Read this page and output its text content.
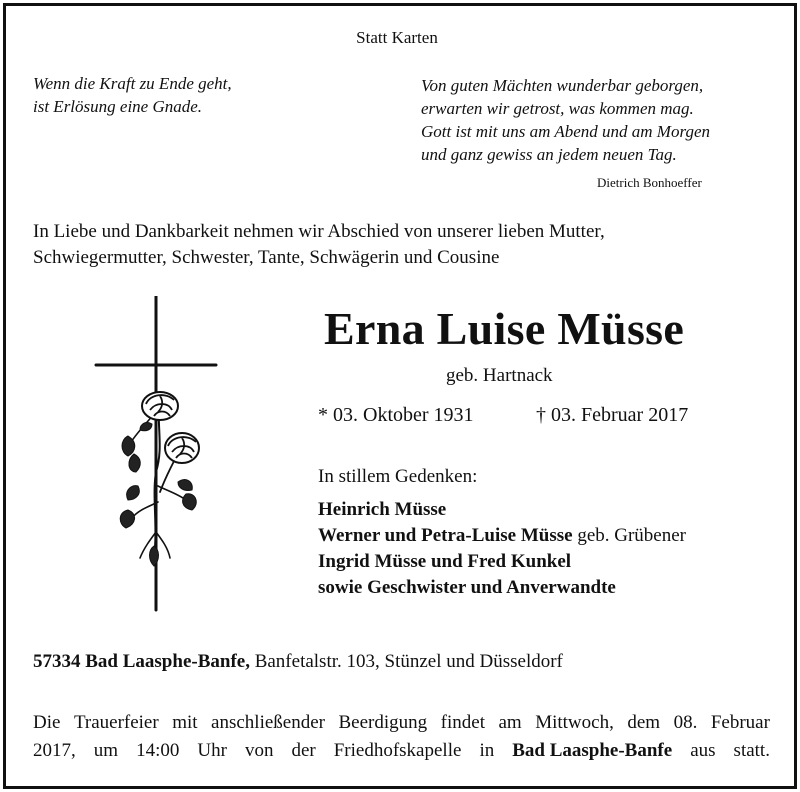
Statt Karten
Wenn die Kraft zu Ende geht,
ist Erlösung eine Gnade.
Von guten Mächten wunderbar geborgen,
erwarten wir getrost, was kommen mag.
Gott ist mit uns am Abend und am Morgen
und ganz gewiss an jedem neuen Tag.
Dietrich Bonhoeffer
In Liebe und Dankbarkeit nehmen wir Abschied von unserer lieben Mutter,
Schwiegermutter, Schwester, Tante, Schwägerin und Cousine
Erna Luise Müsse
geb. Hartnack
* 03. Oktober 1931	† 03. Februar 2017
In stillem Gedenken:
Heinrich Müsse
Werner und Petra-Luise Müsse geb. Grübener
Ingrid Müsse und Fred Kunkel
sowie Geschwister und Anverwandte
57334 Bad Laasphe-Banfe, Banfetalstr. 103, Stünzel und Düsseldorf
Die Trauerfeier mit anschließender Beerdigung findet am Mittwoch, dem 08. Februar
2017, um 14:00 Uhr von der Friedhofskapelle in Bad Laasphe-Banfe aus statt.
